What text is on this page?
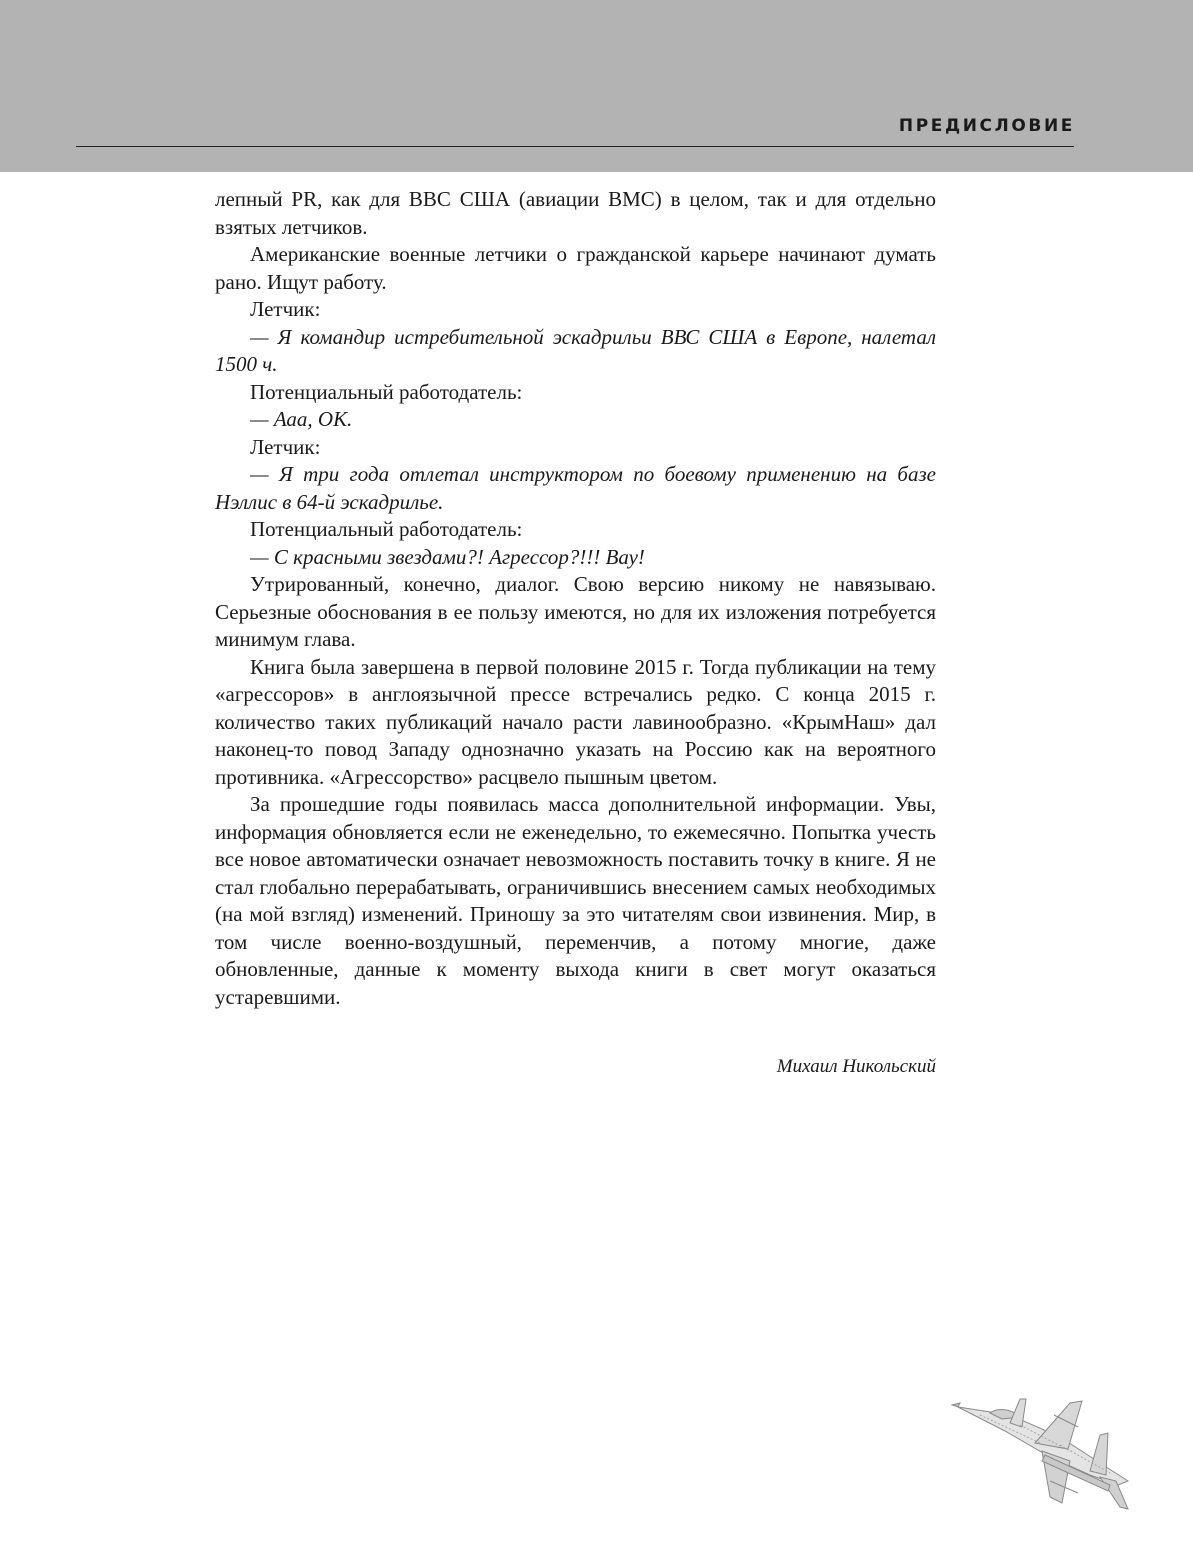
ПРЕДИСЛОВИЕ

лепный PR, как для ВВС США (авиации ВМС) в целом, так и для отдельно взятых летчиков.

Американские военные летчики о гражданской карьере начинают думать рано. Ищут работу.

Летчик:

— Я командир истребительной эскадрильи ВВС США в Европе, налетал 1500 ч.

Потенциальный работодатель:

— Ааа, ОК.

Летчик:

— Я три года отлетал инструктором по боевому применению на базе Нэллис в 64-й эскадрилье.

Потенциальный работодатель:

— С красными звездами?! Агрессор?!!! Вау!

Утрированный, конечно, диалог. Свою версию никому не навязываю. Серьезные обоснования в ее пользу имеются, но для их изложения потребуется минимум глава.

Книга была завершена в первой половине 2015 г. Тогда публикации на тему «агрессоров» в англоязычной прессе встречались редко. С конца 2015 г. количество таких публикаций начало расти лавинообразно. «КрымНаш» дал наконец-то повод Западу однозначно указать на Россию как на вероятного противника. «Агрессорство» расцвело пышным цветом.

За прошедшие годы появилась масса дополнительной информации. Увы, информация обновляется если не еженедельно, то ежемесячно. Попытка учесть все новое автоматически означает невозможность поставить точку в книге. Я не стал глобально перерабатывать, ограничившись внесением самых необходимых (на мой взгляд) изменений. Приношу за это читателям свои извинения. Мир, в том числе военно-воздушный, переменчив, а потому многие, даже обновленные, данные к моменту выхода книги в свет могут оказаться устаревшими.

Михаил Никольский
